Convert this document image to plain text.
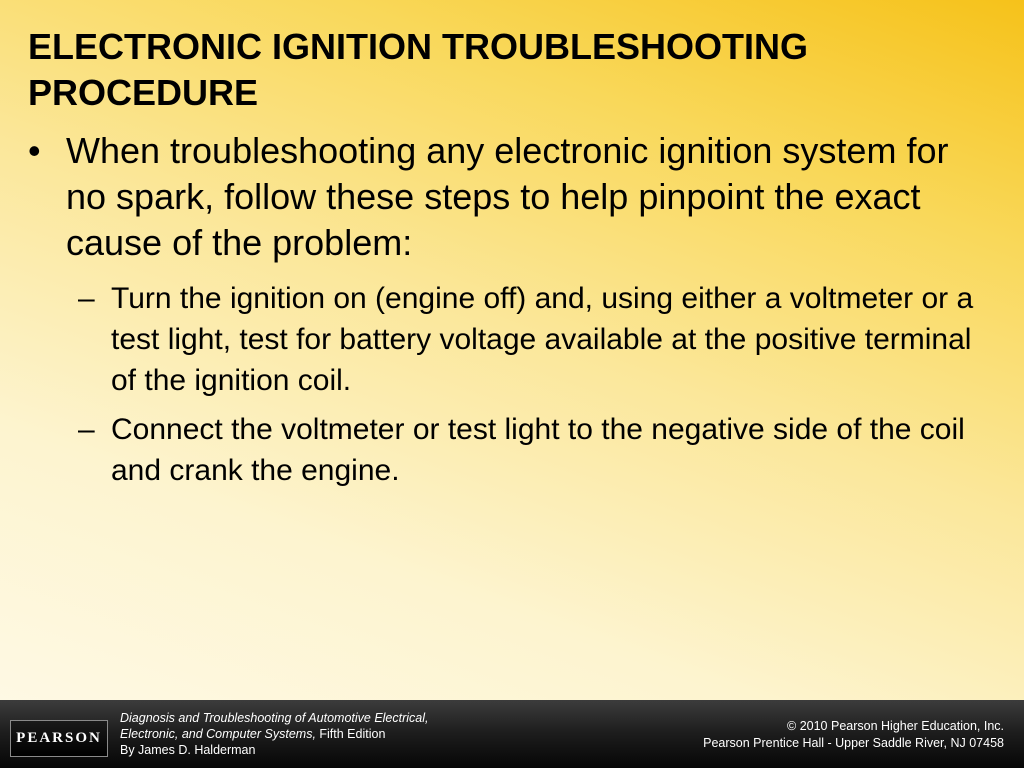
ELECTRONIC IGNITION TROUBLESHOOTING
PROCEDURE
• When troubleshooting any electronic ignition system for no spark, follow these steps to help pinpoint the exact cause of the problem:
– Turn the ignition on (engine off) and, using either a voltmeter or a test light, test for battery voltage available at the positive terminal of the ignition coil.
– Connect the voltmeter or test light to the negative side of the coil and crank the engine.
PEARSON
Diagnosis and Troubleshooting of Automotive Electrical,
Electronic, and Computer Systems, Fifth Edition
By James D. Halderman
© 2010 Pearson Higher Education, Inc.
Pearson Prentice Hall - Upper Saddle River, NJ 07458
